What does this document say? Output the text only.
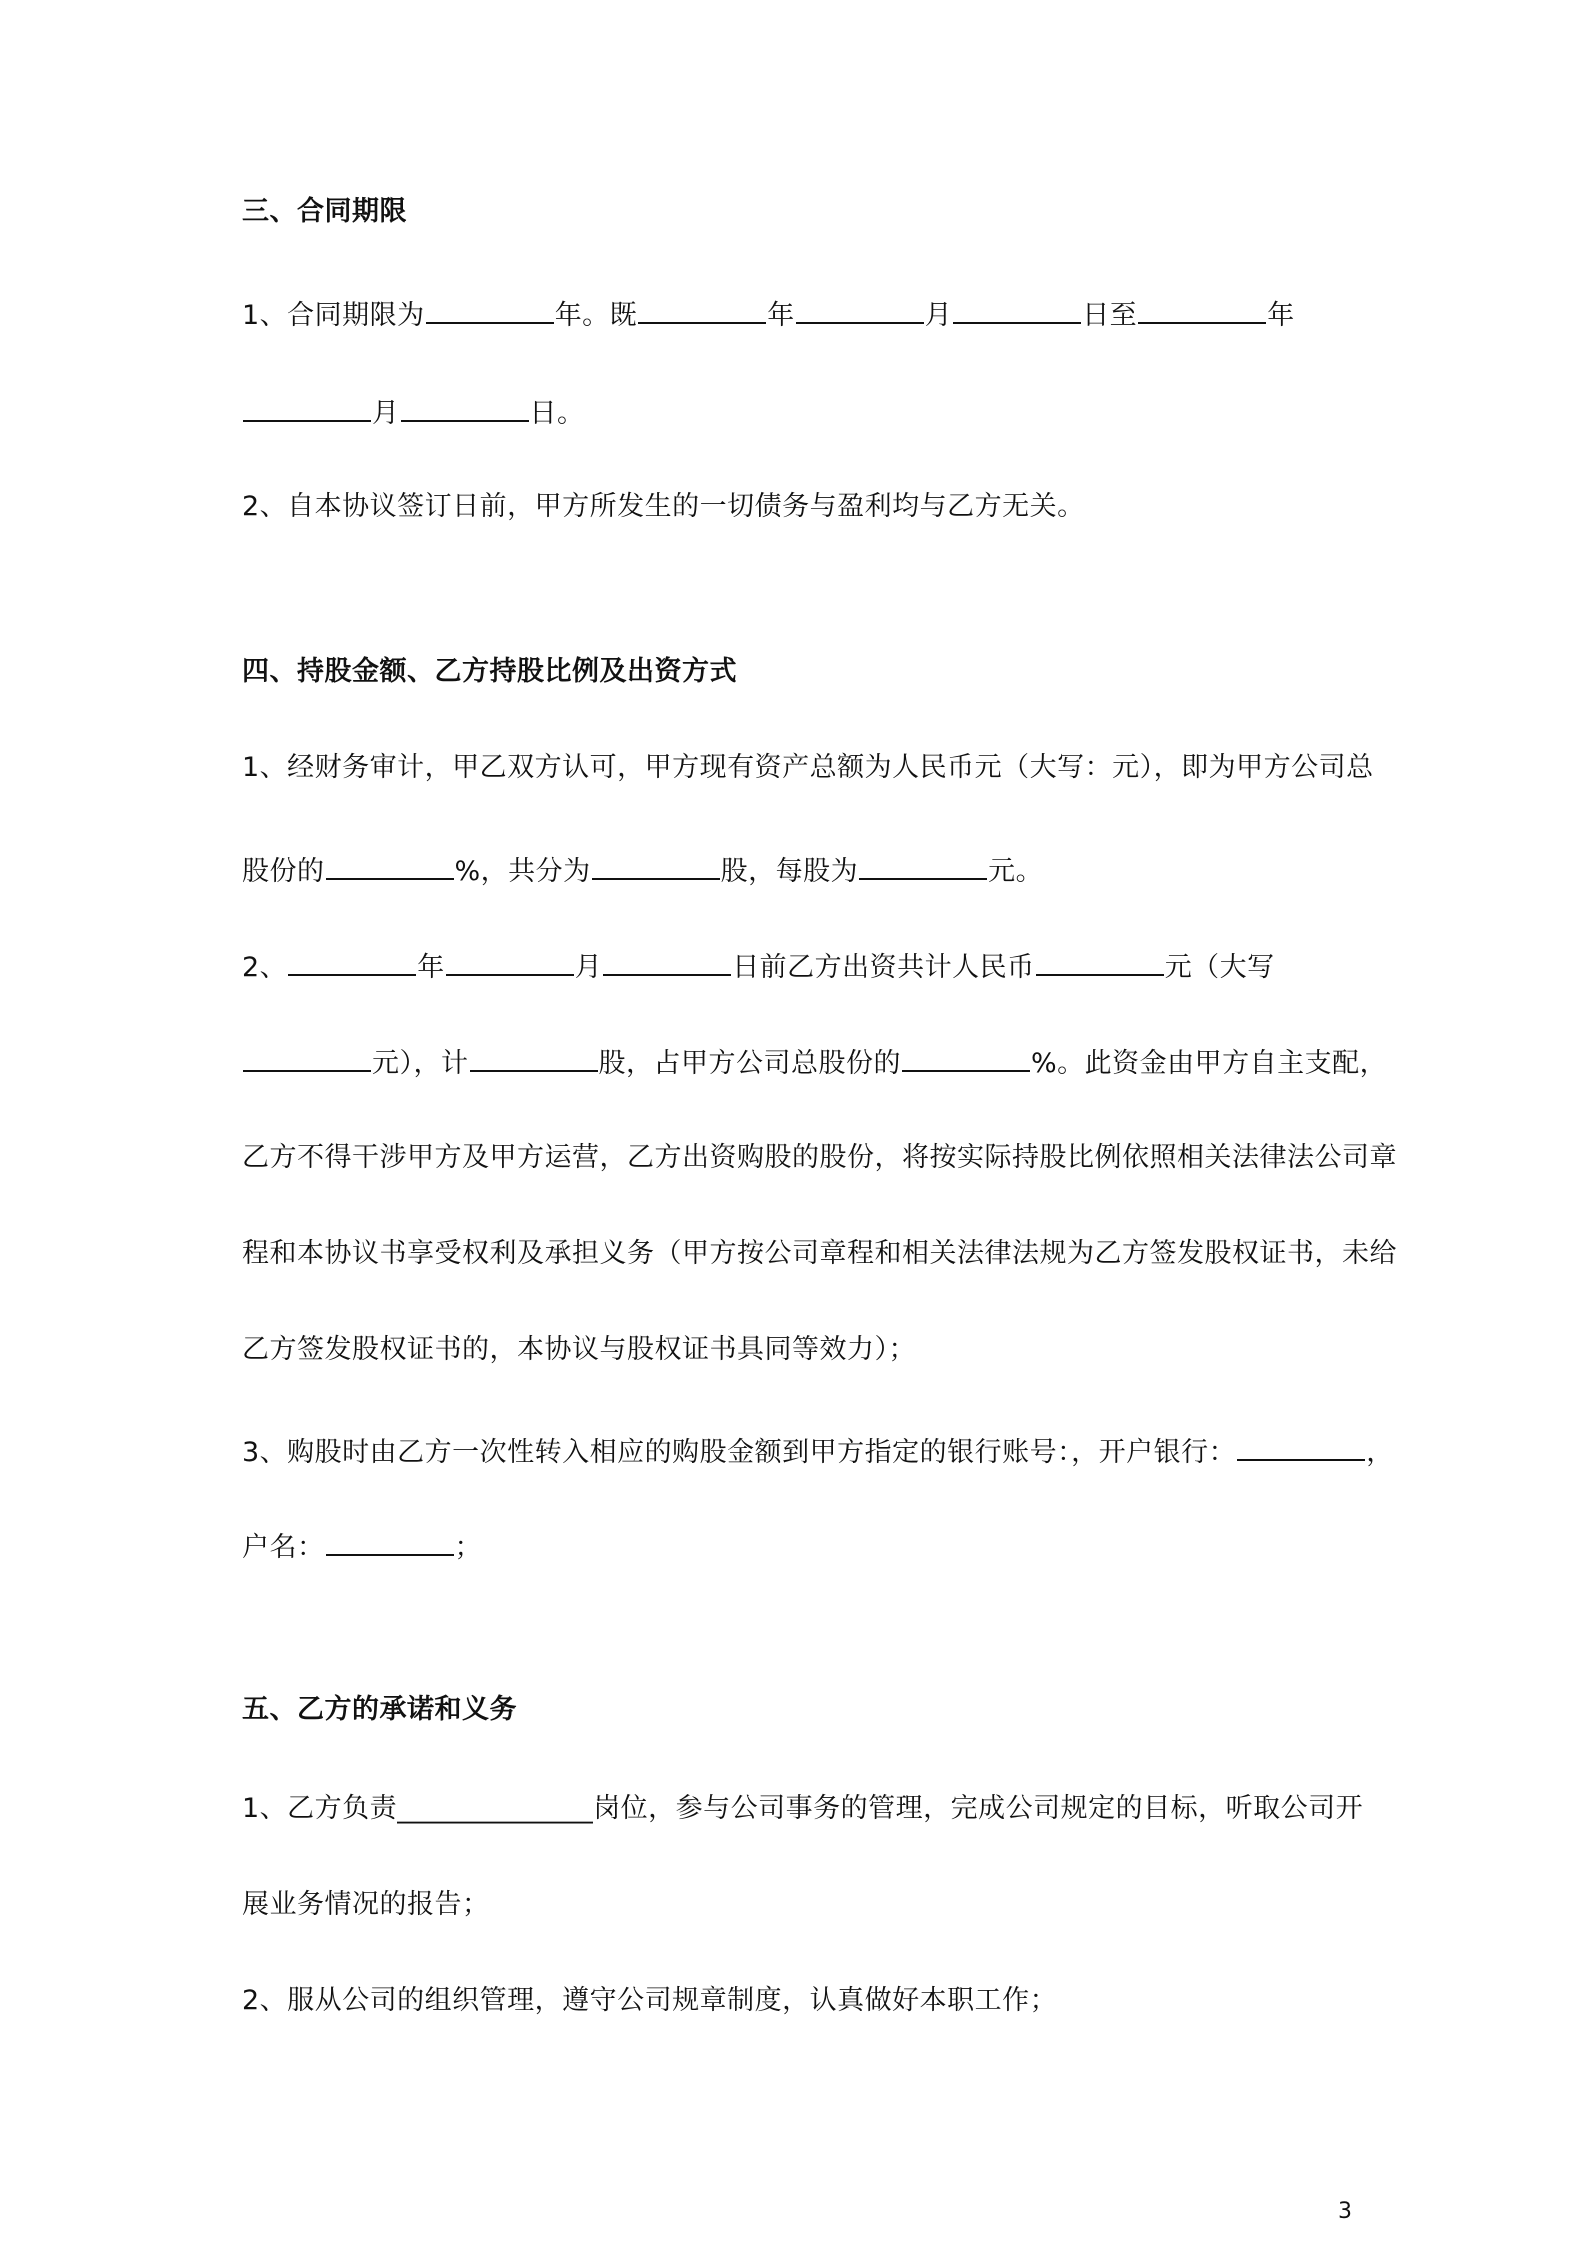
三、合同期限
1、合同期限为	年。既	年	月	日至	年
月	日。
2、自本协议签订日前，甲方所发生的一切债务与盈利均与乙方无关。
四、持股金额、乙方持股比例及出资方式
1、经财务审计，甲乙双方认可，甲方现有资产总额为人民币元（大写：元），即为甲方公司总
股份的	%，共分为	股，每股为	元。
2、	年	月	日前乙方出资共计人民币	元（大写
元），计	股，占甲方公司总股份的	%。此资金由甲方自主支配，
乙方不得干涉甲方及甲方运营，乙方出资购股的股份，将按实际持股比例依照相关法律法公司章
程和本协议书享受权利及承担义务（甲方按公司章程和相关法律法规为乙方签发股权证书，未给
乙方签发股权证书的，本协议与股权证书具同等效力）；
3、购股时由乙方一次性转入相应的购股金额到甲方指定的银行账号：，开户银行：	，
户名：	；
五、乙方的承诺和义务
1、乙方负责______________岗位，参与公司事务的管理，完成公司规定的目标，听取公司开
展业务情况的报告；
2、服从公司的组织管理，遵守公司规章制度，认真做好本职工作；
3
